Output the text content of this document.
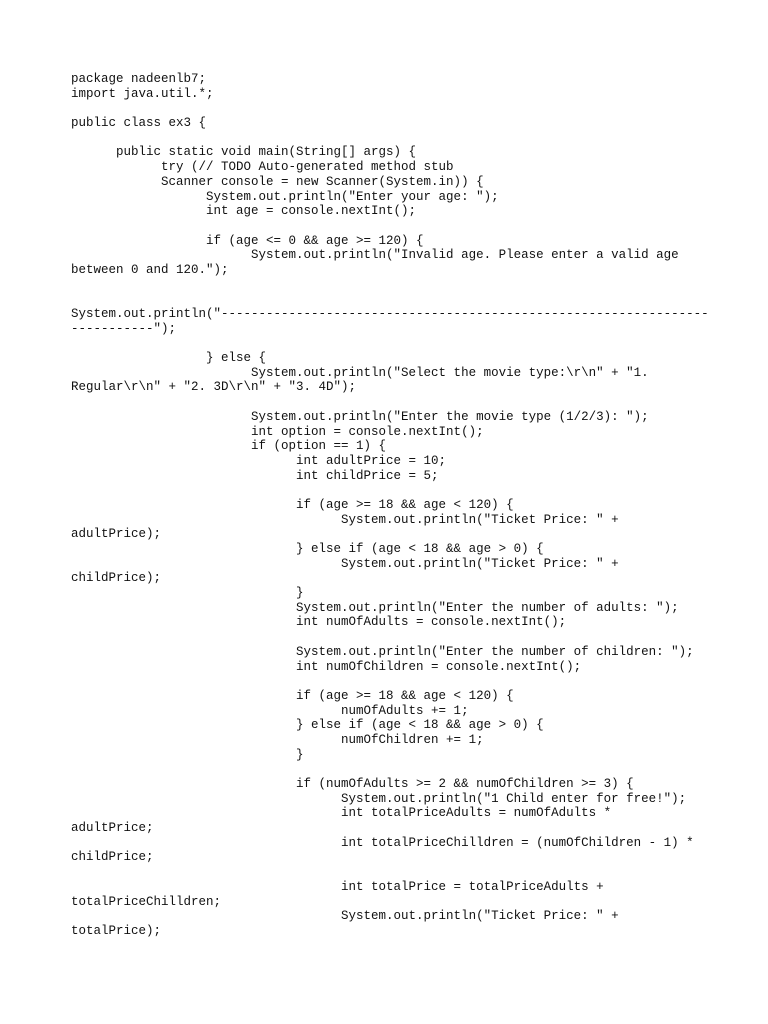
package nadeenlb7;
import java.util.*;
public class ex3 {
public static void main(String[] args) {
try (// TODO Auto-generated method stub
Scanner console = new Scanner(System.in)) {
System.out.println("Enter your age: ");
int age = console.nextInt();
if (age <= 0 && age >= 120) {
System.out.println("Invalid age. Please enter a valid age
between 0 and 120.");
System.out.println("-----------------------------------------------------------------
-----------");
} else {
System.out.println("Select the movie type:\r\n" + "1.
Regular\r\n" + "2. 3D\r\n" + "3. 4D");
System.out.println("Enter the movie type (1/2/3): ");
int option = console.nextInt();
if (option == 1) {
int adultPrice = 10;
int childPrice = 5;
if (age >= 18 && age < 120) {
System.out.println("Ticket Price: " +
adultPrice);
} else if (age < 18 && age > 0) {
System.out.println("Ticket Price: " +
childPrice);
}
System.out.println("Enter the number of adults: ");
int numOfAdults = console.nextInt();
System.out.println("Enter the number of children: ");
int numOfChildren = console.nextInt();
if (age >= 18 && age < 120) {
numOfAdults += 1;
} else if (age < 18 && age > 0) {
numOfChildren += 1;
}
if (numOfAdults >= 2 && numOfChildren >= 3) {
System.out.println("1 Child enter for free!");
int totalPriceAdults = numOfAdults *
adultPrice;
int totalPriceChilldren = (numOfChildren - 1) *
childPrice;
int totalPrice = totalPriceAdults +
totalPriceChilldren;
System.out.println("Ticket Price: " +
totalPrice);
